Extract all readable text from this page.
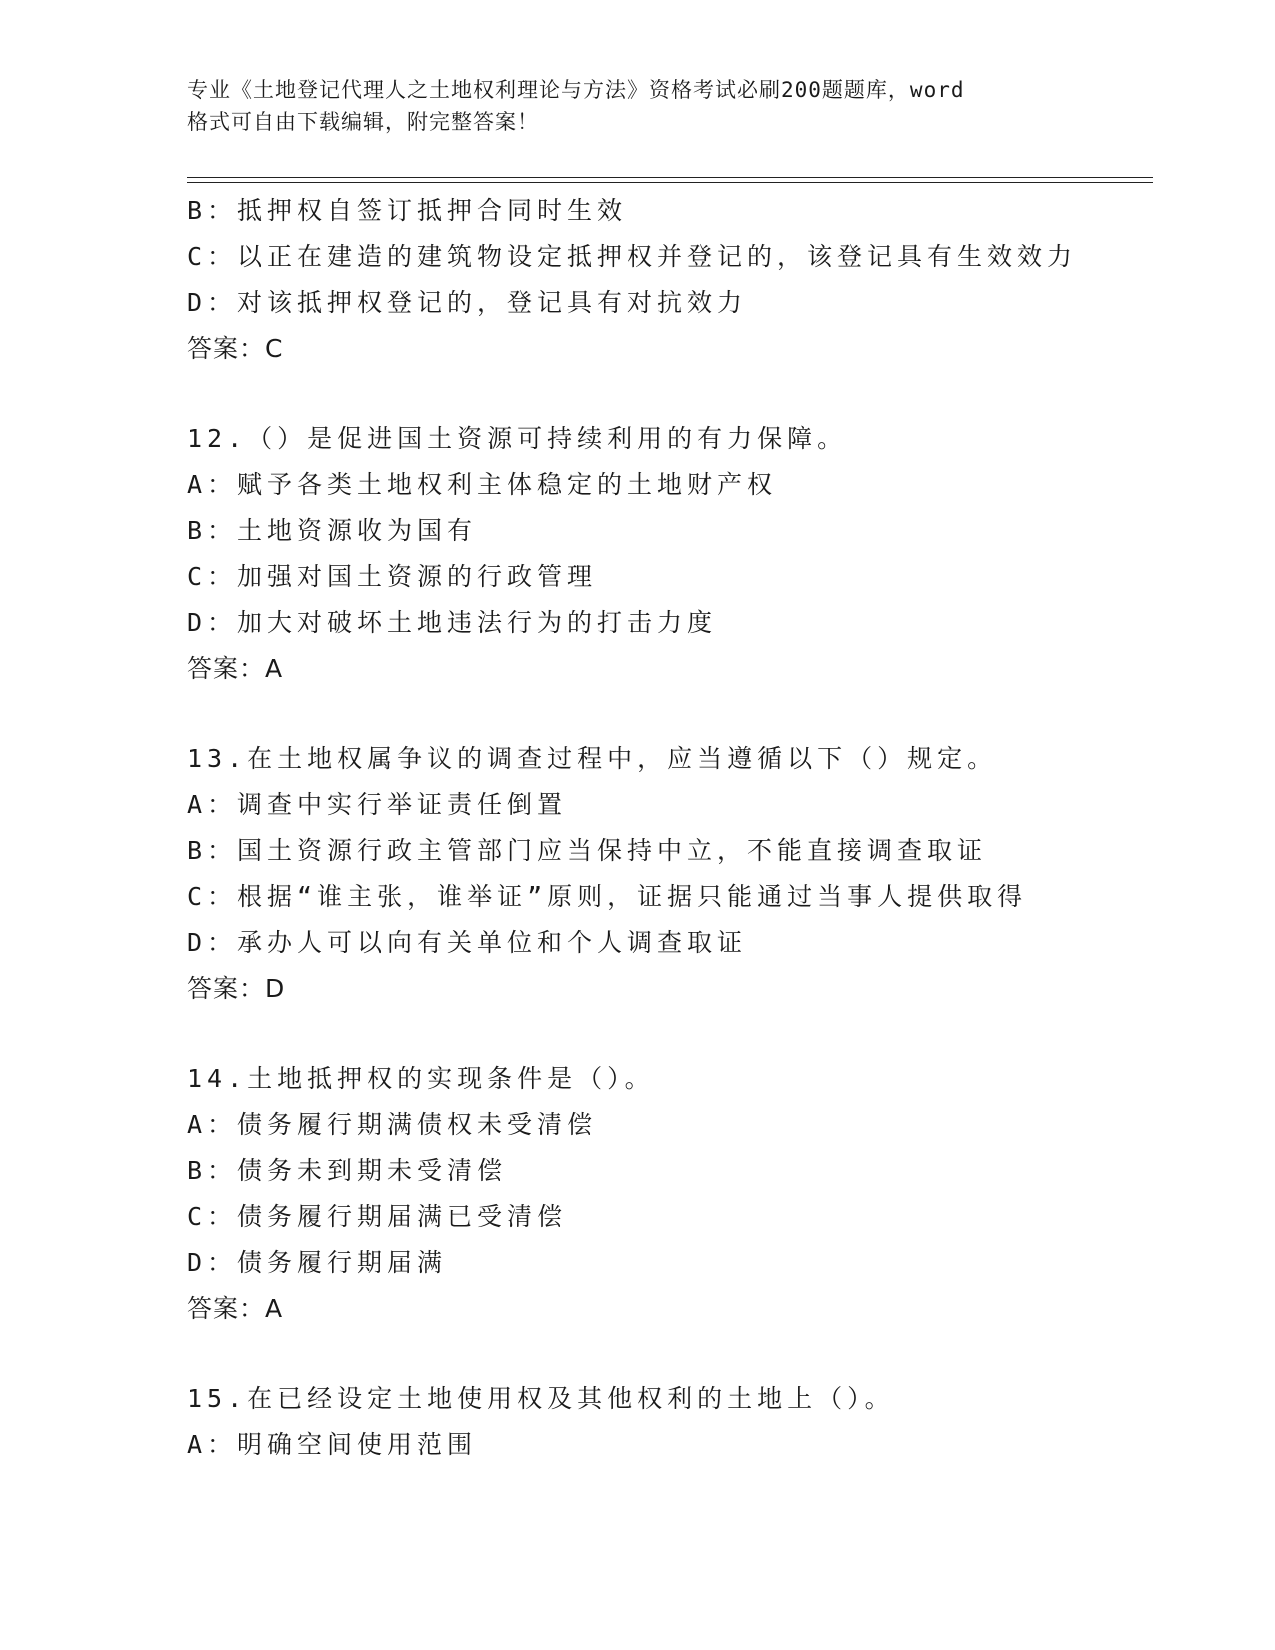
专业《土地登记代理人之土地权利理论与方法》资格考试必刷200题题库，word
格式可自由下载编辑，附完整答案！
B：抵押权自签订抵押合同时生效
C：以正在建造的建筑物设定抵押权并登记的，该登记具有生效效力
D：对该抵押权登记的，登记具有对抗效力
答案：C
12.（）是促进国土资源可持续利用的有力保障。
A：赋予各类土地权利主体稳定的土地财产权
B：土地资源收为国有
C：加强对国土资源的行政管理
D：加大对破坏土地违法行为的打击力度
答案：A
13.在土地权属争议的调查过程中，应当遵循以下（）规定。
A：调查中实行举证责任倒置
B：国土资源行政主管部门应当保持中立，不能直接调查取证
C：根据“谁主张，谁举证”原则，证据只能通过当事人提供取得
D：承办人可以向有关单位和个人调查取证
答案：D
14.土地抵押权的实现条件是（）。
A：债务履行期满债权未受清偿
B：债务未到期未受清偿
C：债务履行期届满已受清偿
D：债务履行期届满
答案：A
15.在已经设定土地使用权及其他权利的土地上（）。
A：明确空间使用范围
